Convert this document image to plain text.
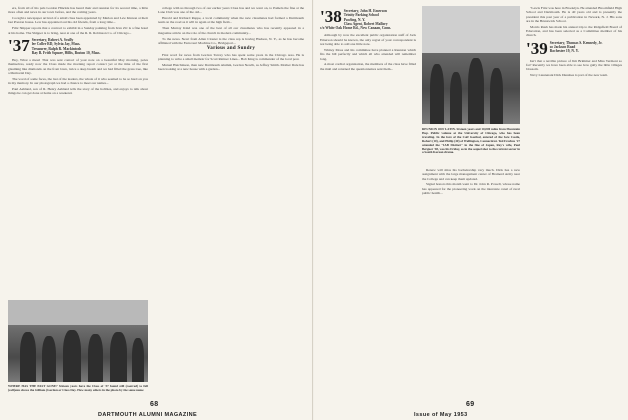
ers, from all of his pals Gordon Hinckle has heard their and reunion for its second time, a little more often and news in our town before, and the coming years.

Cocaghi a newspaper arrived of a small class been appointed by Marion and Lew Kinnon at their last Preston house. Lew has appointed out his old friends, from a long time...

Fritz Shipper reports that a contract to exhibit in a Sunday painting from Ivan Ziv is a fine hotel at his home. The Shipper is to bring, near at one of the R. R. Robinson Co. of Chicago...

'37 Secretary, Robert A. Scully
ler Coller RD, Sylvia Jay, Mass.
Treasurer, Ralph R. Mackintosh
Ray B. Frith Square, Hillis, Boston 10, Mass.

Hey, What a mess! That was sent contact of your note on a beautiful May morning, poles themselves, ready now the Class made the morning report contact yet at the time of the first gleaming like diamonds on the front lawn, twice a deep breath and we had filled the grass tree, like a Memorial Day.

The word of some faces, the last of the leaders, the whole of it who seemed to be so hard on you in my memory. In our photograph we had a chance to meet our names...

Paul Ashland, son of R. Henry Ashland tells the story of the hobbies, and enjoys to talk about things he can get done at home on a weekend.

WHERE HAS THE PAST GONE? Sixteen years have the Class of '37 found still (coerced) to full (coll)ates shows the Gilliam (Gordon or Class Day. How many others in the photo by the same name

college with us through two of our earlier years Class has and we went on, to Pamela the fine at the Lane Club was one of the old...

Harold and Richard Rappe, a local community when the new classmates had formed a Dartmouth team on the road as it will in again at the high field...

Then Murray Kind was one of the best of all our classmates who has recently appeared in a magazine article on the role of the church in modern community...

To the news. Newt from Allen Clouter is the class rep is having Hudson, N. Y., as he has become affiliated with the Ferncourt Machine Co., Bridgeport...

Various and Sundry

First word for news from Gordon Tarvey who has spent some years in the Chicago area. He is planning to write a small memoir for Scott Rattner Lines... Bob King is commander of the local post.

Mutual Hutchinson, then new Dartmouth Alumni, Gordon Newth, as Jeffrey Smith. Mother Dale has been looking at a new house with a garden...

68
DARTMOUTH ALUMNI MAGAZINE
'38 Secretary, John H. Emerson
Trinity Parking School
Pawling, N. Y.
Class Agent, Robert Mallory
c/o White Oak Home Rd., New Canaan, Conn.

Although by now the excellent public organization staff of Jack Emerson should be known, the only regret of your correspondent is not being able to add one little note.

Whitey Moss and his committee have planned a Reunion which fits the bill perfectly and which all who attended will remember long.

A most cordial organization, the members of the class have filled the mail and returned the questionnaires sent them...

REUNION OFF LATIN. Sixteen years and 10,000 miles from Mountain Hop. Public volume at the University of Chicago, who has been traveling. In the fore of the Colf Gasthof, entered of the fore Castle, Robert (10), and Philip (40) of Wellington, Connecticut. Ted Frechus '27 attended the "IAB Distinct" in the fine of Japan, Ray's wife, Paul Berguer '48, was his Friday, as in the sequel shot to the current sector in a South Korean drama.

Renew will miss his bachelorship very much. Dick has a new assignment with the large management center of Brainerd Army near the College and can keep them updated.

Signal honors this month went to Dr. John R. Powell, whose name has appeared for the pioneering work on the interstate canal of rural public health...

"Lewis Fritz was here in Brooklyn. He attended Bloomfield High School and Dartmouth. He is 40 years old and is presently the president this past year of a publication in Newark, N. J. His sons are in the Brunswick School.

Morris Rush has made his annual trip to the Ridgefield Board of Education, and has been selected as a Committee member of his church.

'39 Secretary, Thomas S. Kennedy, Jr.
so Jackson Road
Rochester 19, N. Y.

Isn't that a terrible picture of Jim Brimmer and Miss Vermont so far? Recently we have been able to see how gaily the little villages blossom.

Navy Lieutenant Dick Dunshee is part of the new team.

Issue of May 1953
69
